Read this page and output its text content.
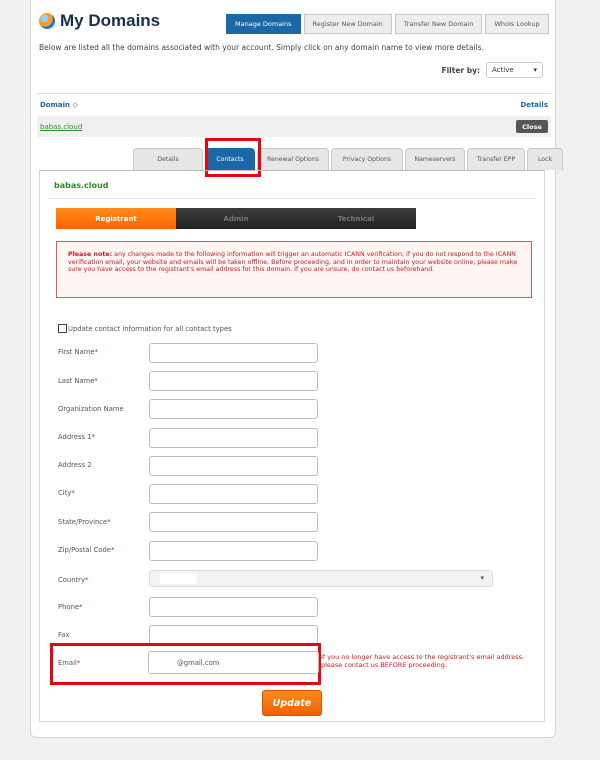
My Domains	Manage Domains	Register New Domain	Transfer New Domain	WhoIs Lookup
Below are listed all the domains associated with your account. Simply click on any domain name to view more details.
Filter by: Active	▾
Domain ◇	Details
babas.cloud	Close
Details	Contacts	Renewal Options	Privacy Options	Nameservers	Transfer EPP	Lock
babas.cloud
Registrant	Admin	Technical
Please note: any changes made to the following information will trigger an automatic ICANN verification; if you do not respond to the ICANN verification email, your website and emails will be taken offline. Before proceeding, and in order to maintain your website online, please make sure you have access to the registrant's email address for this domain. If you are unsure, do contact us beforehand.
Update contact information for all contact types
First Name*
Last Name*
Organization Name
Address 1*
Address 2
City*
State/Province*
Zip/Postal Code*
Country*	▾
Phone*
Fax
Email*	@gmail.com
If you no longer have access to the registrant's email address, please contact us BEFORE proceeding.
Update
